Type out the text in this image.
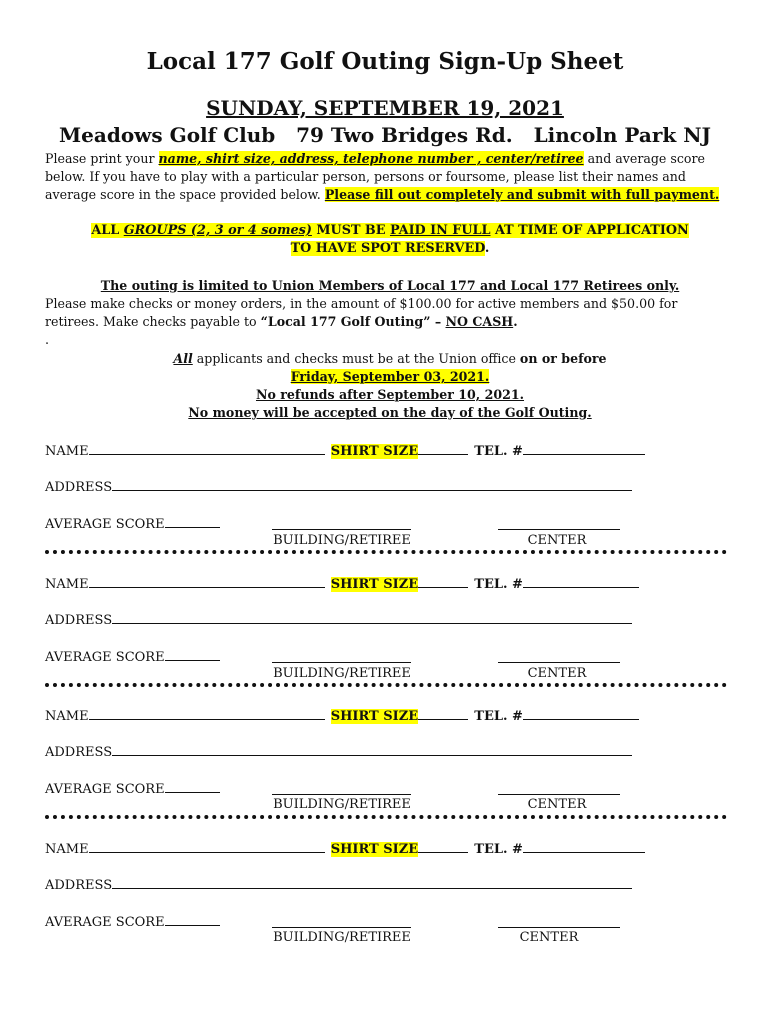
Local 177 Golf Outing Sign-Up Sheet
SUNDAY, SEPTEMBER 19, 2021
Meadows Golf Club 79 Two Bridges Rd. Lincoln Park NJ
Please print your name, shirt size, address, telephone number , center/retiree and average score below. If you have to play with a particular person, persons or foursome, please list their names and average score in the space provided below. Please fill out completely and submit with full payment.
ALL GROUPS (2, 3 or 4 somes) MUST BE PAID IN FULL AT TIME OF APPLICATION
TO HAVE SPOT RESERVED.
The outing is limited to Union Members of Local 177 and Local 177 Retirees only.
Please make checks or money orders, in the amount of $100.00 for active members and $50.00 for retirees. Make checks payable to “Local 177 Golf Outing” – NO CASH.
.
All applicants and checks must be at the Union office on or before
Friday, September 03, 2021.
No refunds after September 10, 2021.
No money will be accepted on the day of the Golf Outing.
NAME	SHIRT SIZE	TEL. #
ADDRESS
AVERAGE SCORE
BUILDING/RETIREE	CENTER
NAME	SHIRT SIZE	TEL. #
ADDRESS
AVERAGE SCORE
BUILDING/RETIREE	CENTER
NAME	SHIRT SIZE	TEL. #
ADDRESS
AVERAGE SCORE
BUILDING/RETIREE	CENTER
NAME	SHIRT SIZE	TEL. #
ADDRESS
AVERAGE SCORE
BUILDING/RETIREE	CENTER
